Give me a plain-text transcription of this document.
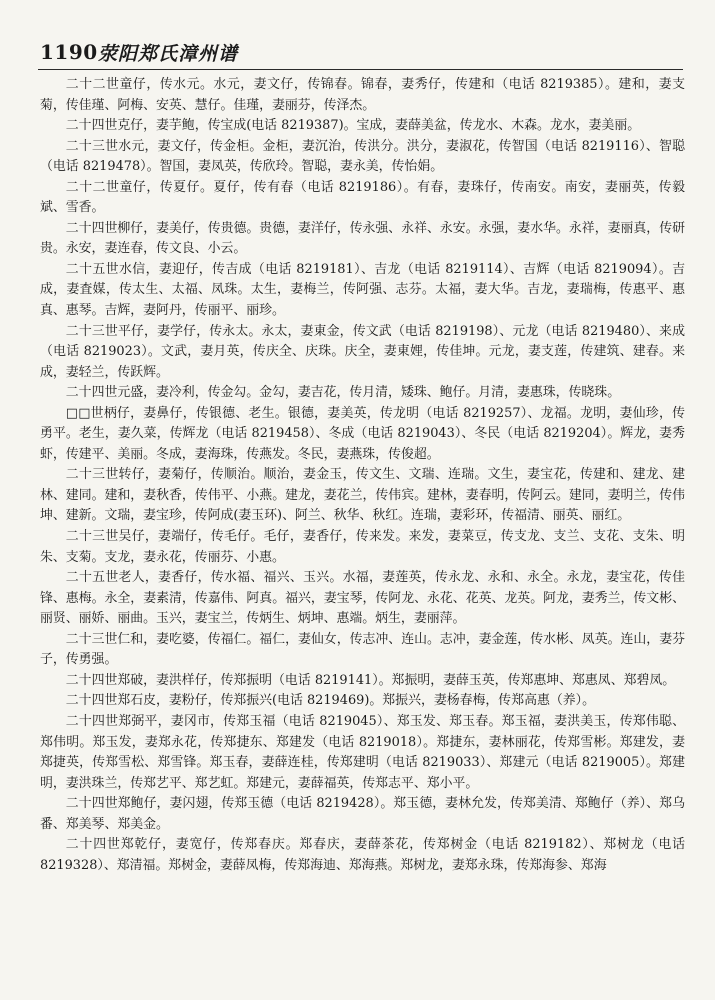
1190 荥阳郑氏漳州谱

二十二世童仔，传水元。水元，妻文仔，传锦春。锦春，妻秀仔，传建和（电话 8219385）。建和，妻支菊，传佳瑾、阿梅、安英、慧仔。佳瑾，妻丽芬，传泽杰。

二十四世克仔，妻芋鲍，传宝成(电话 8219387)。宝成，妻薛美盆，传龙水、木森。龙水，妻美丽。

二十三世水元，妻文仔，传金柜。金柜，妻沉治，传洪分。洪分，妻淑花，传智国（电话 8219116）、智聪（电话 8219478）。智国，妻凤英，传欣玲。智聪，妻永美，传怡娟。

二十二世童仔，传夏仔。夏仔，传有春（电话 8219186）。有春，妻珠仔，传南安。南安，妻丽英，传毅斌、雪香。

二十四世柳仔，妻美仔，传贵德。贵德，妻洋仔，传永强、永祥、永安。永强，妻水华。永祥，妻丽真，传研贵。永安，妻连春，传文良、小云。

二十五世水信，妻迎仔，传吉成（电话 8219181）、吉龙（电话 8219114）、吉辉（电话 8219094）。吉成，妻査媒，传太生、太福、凤珠。太生，妻梅兰，传阿强、志芬。太福，妻大华。吉龙，妻瑞梅，传惠平、惠真、惠琴。吉辉，妻阿丹，传丽平、丽珍。

二十三世平仔，妻学仔，传永太。永太，妻東金，传文武（电话 8219198）、元龙（电话 8219480）、来成（电话 8219023）。文武，妻月英，传庆全、庆珠。庆全，妻東娌，传佳坤。元龙，妻支莲，传建筑、建春。来成，妻轻兰，传跃辉。

二十四世元盛，妻冷利，传金勾。金勾，妻吉花，传月清，矮珠、鲍仔。月清，妻惠珠，传晓珠。

□□世柄仔，妻鼻仔，传银德、老生。银德，妻美英，传龙明（电话 8219257）、龙福。龙明，妻仙珍，传勇平。老生，妻久菜，传辉龙（电话 8219458）、冬成（电话 8219043）、冬民（电话 8219204）。辉龙，妻秀虾，传建平、美丽。冬成，妻海珠，传燕发。冬民，妻燕珠，传俊超。

二十三世转仔，妻菊仔，传顺治。顺治，妻金玉，传文生、文瑞、连瑞。文生，妻宝花，传建和、建龙、建林、建同。建和，妻秋香，传伟平、小燕。建龙，妻花兰，传伟宾。建林，妻春明，传阿云。建同，妻明兰，传伟坤、建新。文瑞，妻宝珍，传阿成(妻玉环)、阿兰、秋华、秋红。连瑞，妻彩环，传福清、丽英、丽红。

二十三世吴仔，妻端仔，传毛仔。毛仔，妻香仔，传来发。来发，妻菜豆，传支龙、支兰、支花、支朱、明朱、支菊。支龙，妻永花，传丽芬、小惠。

二十五世老人，妻香仔，传水福、福兴、玉兴。水福，妻莲英，传永龙、永和、永全。永龙，妻宝花，传佳锋、惠梅。永全，妻素清，传嘉伟、阿真。福兴，妻宝琴，传阿龙、永花、花英、龙英。阿龙，妻秀兰，传文彬、丽贤、丽娇、丽曲。玉兴，妻宝兰，传炳生、炳坤、惠端。炳生，妻丽萍。

二十三世仁和，妻吃婆，传福仁。福仁，妻仙女，传志冲、连山。志冲，妻金莲，传水彬、凤英。连山，妻芬子，传勇强。

二十四世郑破，妻洪样仔，传郑振明（电话 8219141）。郑振明，妻薛玉英，传郑惠坤、郑惠凤、郑碧凤。

二十四世郑石皮，妻粉仔，传郑振兴(电话 8219469)。郑振兴，妻杨春梅，传郑高惠（养）。

二十四世郑弼平，妻冈市，传郑玉福（电话 8219045）、郑玉发、郑玉春。郑玉福，妻洪美玉，传郑伟聪、郑伟明。郑玉发，妻郑永花，传郑捷东、郑建发（电话 8219018）。郑捷东，妻林丽花，传郑雪彬。郑建发，妻郑捷英，传郑雪松、郑雪锋。郑玉春，妻薛连桂，传郑建明（电话 8219033）、郑建元（电话 8219005）。郑建明，妻洪珠兰，传郑艺平、郑艺虹。郑建元，妻薛福英，传郑志平、郑小平。

二十四世郑鲍仔，妻闪翅，传郑玉德（电话 8219428）。郑玉德，妻林允发，传郑美清、郑鲍仔（养）、郑乌番、郑美琴、郑美金。

二十四世郑乾仔，妻宽仔，传郑春庆。郑春庆，妻薛茶花，传郑树金（电话 8219182）、郑树龙（电话 8219328）、郑清福。郑树金，妻薛凤梅，传郑海迪、郑海燕。郑树龙，妻郑永珠，传郑海参、郑海
